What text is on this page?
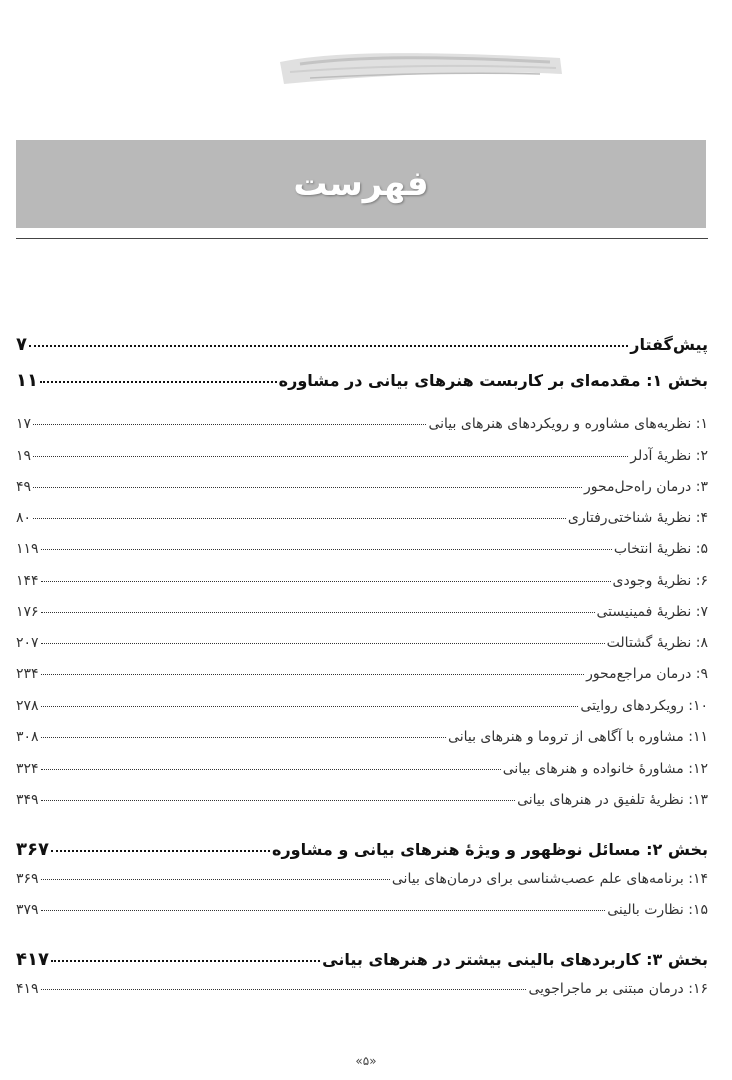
فهرست
پیش‌گفتار
۷
بخش ۱: مقدمه‌ای بر کاربست هنرهای بیانی در مشاوره
۱۱
۱: نظریه‌های مشاوره و رویکردهای هنرهای بیانی
۱۷
۲: نظریهٔ آدلر
۱۹
۳: درمان راه‌حل‌محور
۴۹
۴: نظریهٔ شناختی‌رفتاری
۸۰
۵: نظریهٔ انتخاب
۱۱۹
۶: نظریهٔ وجودی
۱۴۴
۷: نظریهٔ فمینیستی
۱۷۶
۸: نظریهٔ گشتالت
۲۰۷
۹: درمان مراجع‌محور
۲۳۴
۱۰: رویکردهای روایتی
۲۷۸
۱۱: مشاوره با آگاهی از تروما و هنرهای بیانی
۳۰۸
۱۲: مشاورهٔ خانواده و هنرهای بیانی
۳۲۴
۱۳: نظریهٔ تلفیق در هنرهای بیانی
۳۴۹
بخش ۲: مسائل نوظهور و ویژهٔ هنرهای بیانی و مشاوره
۳۶۷
۱۴: برنامه‌های علم عصب‌شناسی برای درمان‌های بیانی
۳۶۹
۱۵: نظارت بالینی
۳۷۹
بخش ۳: کاربردهای بالینی بیشتر در هنرهای بیانی
۴۱۷
۱۶: درمان مبتنی بر ماجراجویی
۴۱۹
«۵»
